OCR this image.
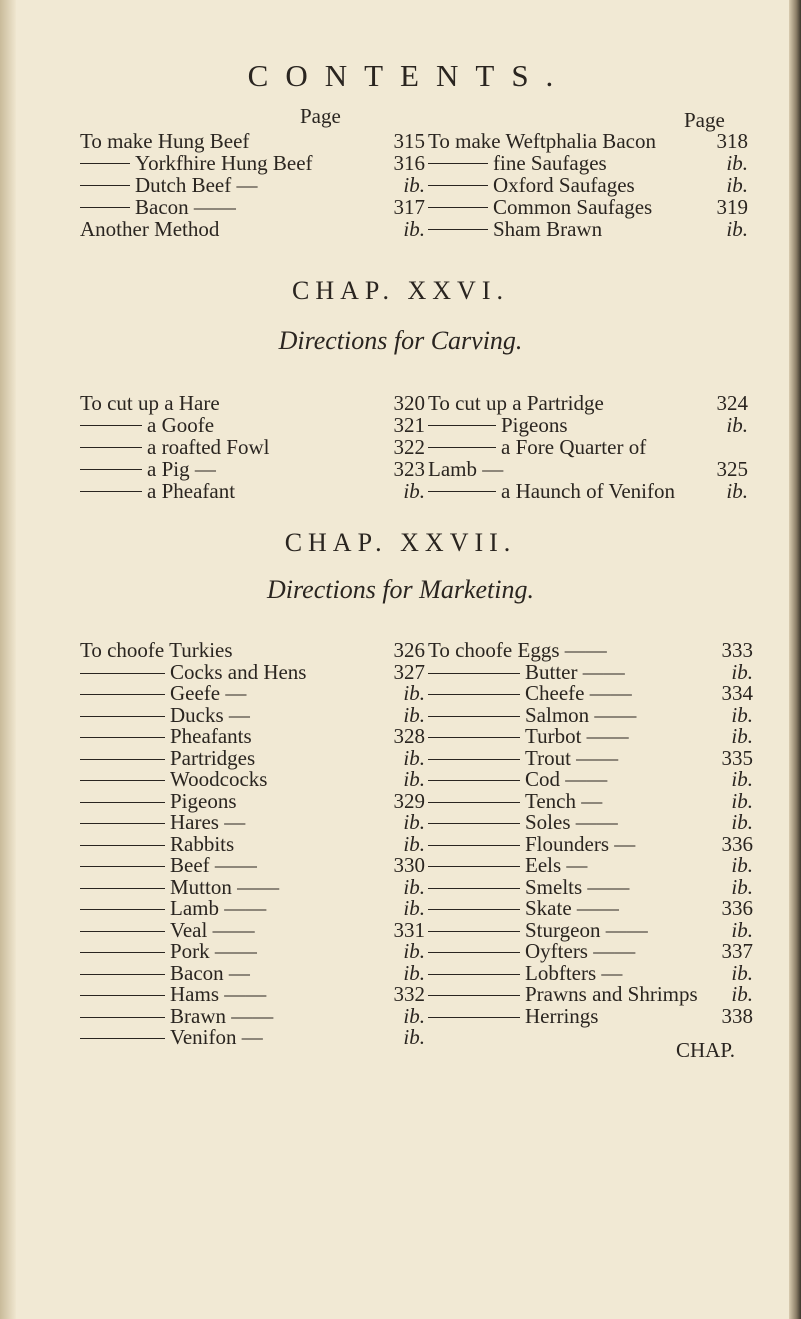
CONTENTS.
Page	Page
To make Hung Beef	315
Yorkfhire Hung Beef	316
Dutch Beef —	ib.
Bacon ——	317
Another Method	ib.
To make Weftphalia Bacon	318
fine Saufages	ib.
Oxford Saufages	ib.
Common Saufages	319
Sham Brawn	ib.
CHAP. XXVI.
Directions for Carving.
To cut up a Hare	320
a Goofe	321
a roafted Fowl	322
a Pig —	323
a Pheafant	ib.
To cut up a Partridge	324
Pigeons	ib.
a Fore Quarter of
Lamb —	325
a Haunch of Venifon ib.
CHAP. XXVII.
Directions for Marketing.
To choofe Turkies	326
Cocks and Hens	327
Geefe —	ib.
Ducks —	ib.
Pheafants	328
Partridges	ib.
Woodcocks	ib.
Pigeons	329
Hares —	ib.
Rabbits	ib.
Beef ——	330
Mutton ——	ib.
Lamb ——	ib.
Veal ——	331
Pork ——	ib.
Bacon —	ib.
Hams ——	332
Brawn ——	ib.
Venifon —	ib.
To choofe Eggs ——	333
Butter ——	ib.
Cheefe ——	334
Salmon ——	ib.
Turbot ——	ib.
Trout ——	335
Cod ——	ib.
Tench —	ib.
Soles ——	ib.
Flounders —	336
Eels —	ib.
Smelts ——	ib.
Skate ——	336
Sturgeon ——	ib.
Oyfters ——	337
Lobfters —	ib.
Prawns and Shrimps ib.
Herrings	338
CHAP.
